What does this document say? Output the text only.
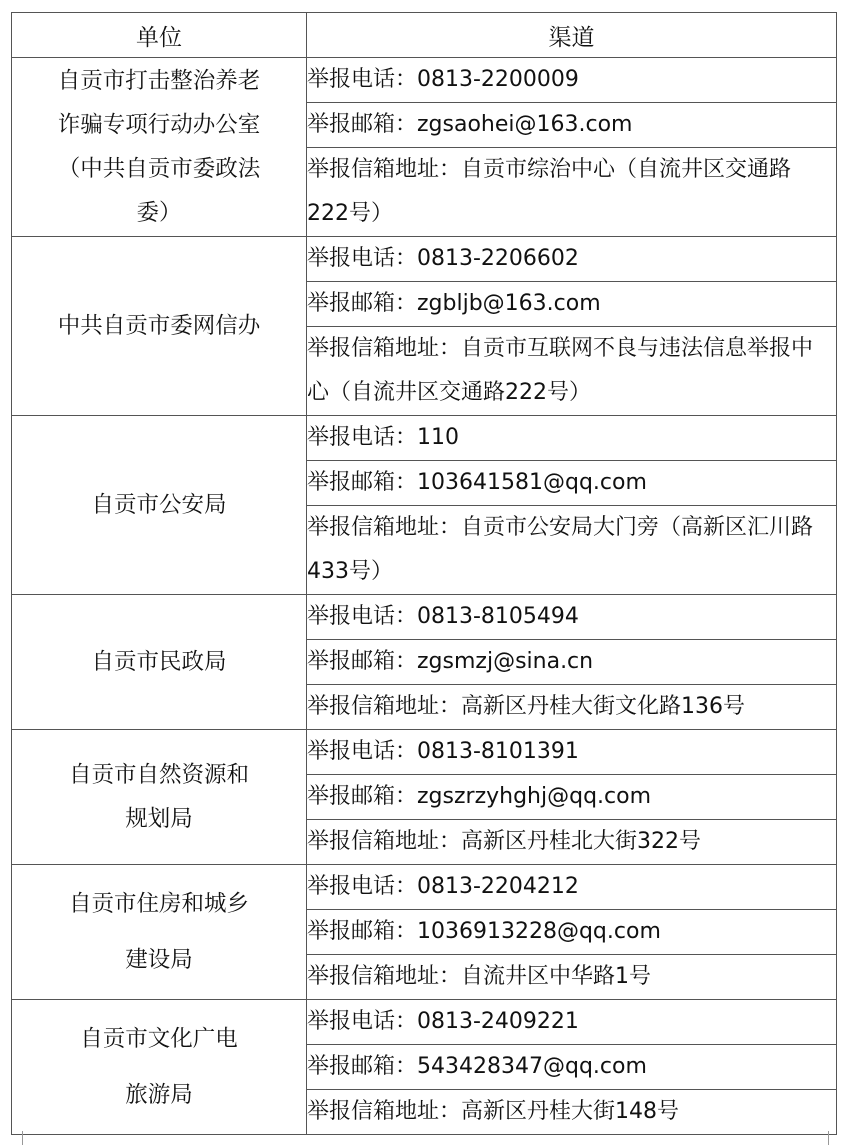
单位	渠道

自贡市打击整治养老
诈骗专项行动办公室
（中共自贡市委政法
委）	举报电话：0813-2200009
	举报邮箱：zgsaohei@163.com
	举报信箱地址：自贡市综治中心（自流井区交通路222号）

中共自贡市委网信办	举报电话：0813-2206602
	举报邮箱：zgbljb@163.com
	举报信箱地址：自贡市互联网不良与违法信息举报中心（自流井区交通路222号）

自贡市公安局	举报电话：110
	举报邮箱：103641581@qq.com
	举报信箱地址：自贡市公安局大门旁（高新区汇川路433号）

自贡市民政局	举报电话：0813-8105494
	举报邮箱：zgsmzj@sina.cn
	举报信箱地址：高新区丹桂大街文化路136号

自贡市自然资源和
规划局	举报电话：0813-8101391
	举报邮箱：zgszrzyhghj@qq.com
	举报信箱地址：高新区丹桂北大街322号

自贡市住房和城乡
建设局	举报电话：0813-2204212
	举报邮箱：1036913228@qq.com
	举报信箱地址：自流井区中华路1号

自贡市文化广电
旅游局	举报电话：0813-2409221
	举报邮箱：543428347@qq.com
	举报信箱地址：高新区丹桂大街148号
